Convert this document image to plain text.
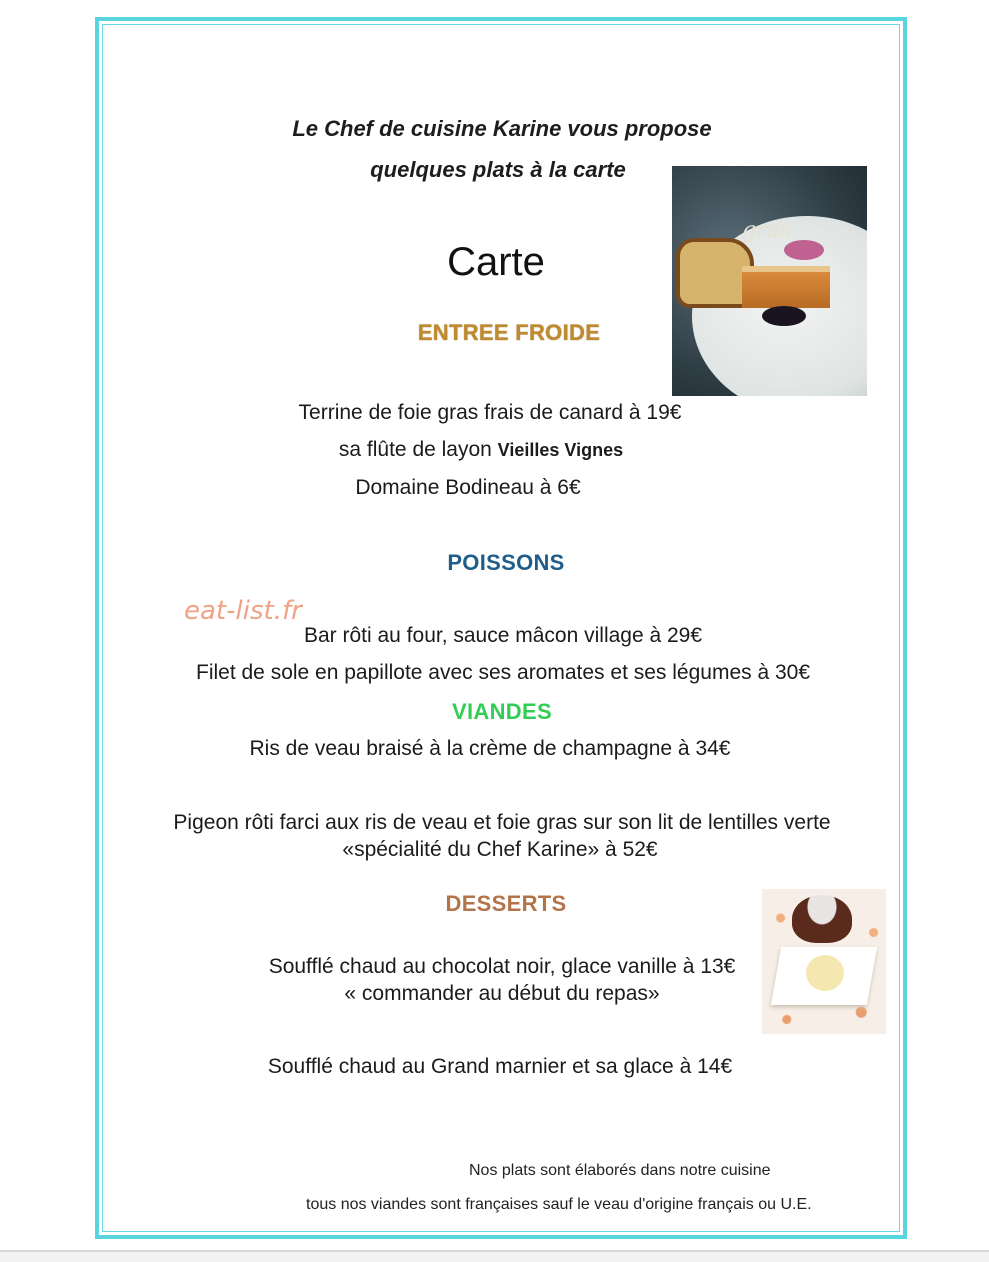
Le Chef de cuisine Karine vous propose
quelques plats à la carte
Carte
gras
ENTREE FROIDE
Terrine de foie gras frais de canard à 19€
sa flûte de layon Vieilles Vignes
Domaine Bodineau à 6€
POISSONS
eat-list.fr
Bar rôti au four, sauce mâcon village à 29€
Filet de sole en papillote avec ses aromates et ses légumes à 30€
VIANDES
Ris de veau braisé à la crème de champagne à 34€
Pigeon rôti farci aux ris de veau et foie gras sur son lit de lentilles verte
«spécialité du Chef Karine» à 52€
DESSERTS
Soufflé chaud au chocolat noir, glace vanille à 13€
« commander au début du repas»
Soufflé chaud au Grand marnier et sa glace à 14€
Nos plats sont élaborés dans notre cuisine
tous nos viandes sont françaises sauf le veau d'origine français ou U.E.
